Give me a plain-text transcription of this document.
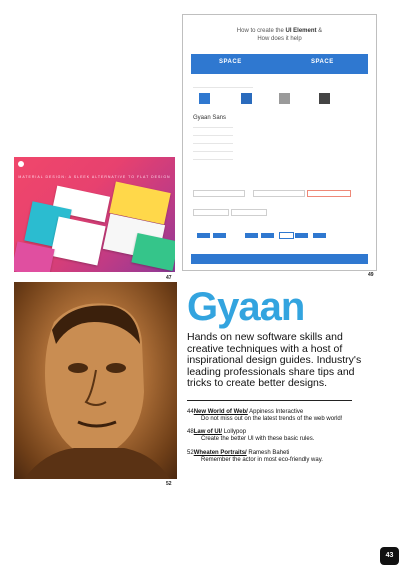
How to create the UI Element &
How does it help
SPACE	SPACE
Gyaan Sans
49
MATERIAL DESIGN: A SLEEK ALTERNATIVE TO FLAT DESIGN
47
52
Gyaan
Hands on new software skills and creative techniques with a host of inspirational design guides. Industry's leading professionals share tips and tricks to create better designs.
44New World of Web/ Appiness Interactive
Do not miss out on the latest trends of the web world!
48Law of UI/ Lollypop
Create the better UI with these basic rules.
52Wheaten Portraits/ Ramesh Baheti
Remember the actor in most eco-friendly way.
43
